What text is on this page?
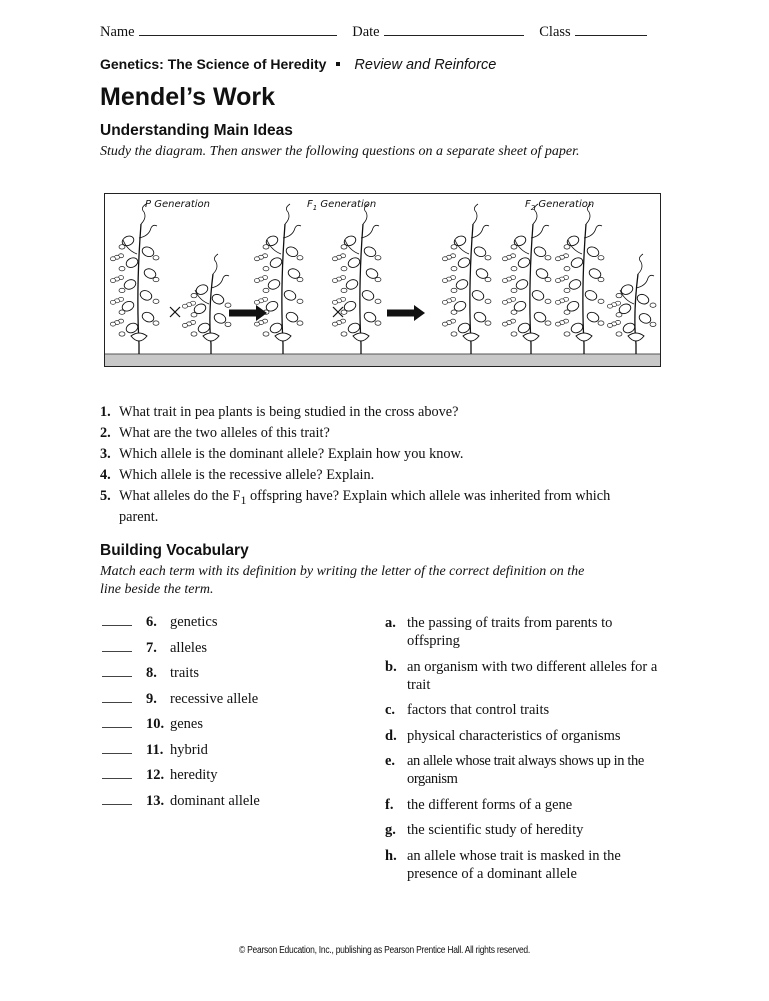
Name	Date	Class
Genetics: The Science of Heredity Review and Reinforce
Mendel’s Work
Understanding Main Ideas
Study the diagram. Then answer the following questions on a separate sheet of paper.
P Generation	$F_1$ Generation	$F_2$ Generation
1. What trait in pea plants is being studied in the cross above?
2. What are the two alleles of this trait?
3. Which allele is the dominant allele? Explain how you know.
4. Which allele is the recessive allele? Explain.
5. What alleles do the $F_1$ offspring have? Explain which allele was inherited from which parent.
Building Vocabulary
Match each term with its definition by writing the letter of the correct definition on the line beside the term.
6. genetics
7. alleles
8. traits
9. recessive allele
10. genes
11. hybrid
12. heredity
13. dominant allele
a. the passing of traits from parents to offspring
b. an organism with two different alleles for a trait
c. factors that control traits
d. physical characteristics of organisms
e. an allele whose trait always shows up in the organism
f. the different forms of a gene
g. the scientific study of heredity
h. an allele whose trait is masked in the presence of a dominant allele
© Pearson Education, Inc., publishing as Pearson Prentice Hall. All rights reserved.
